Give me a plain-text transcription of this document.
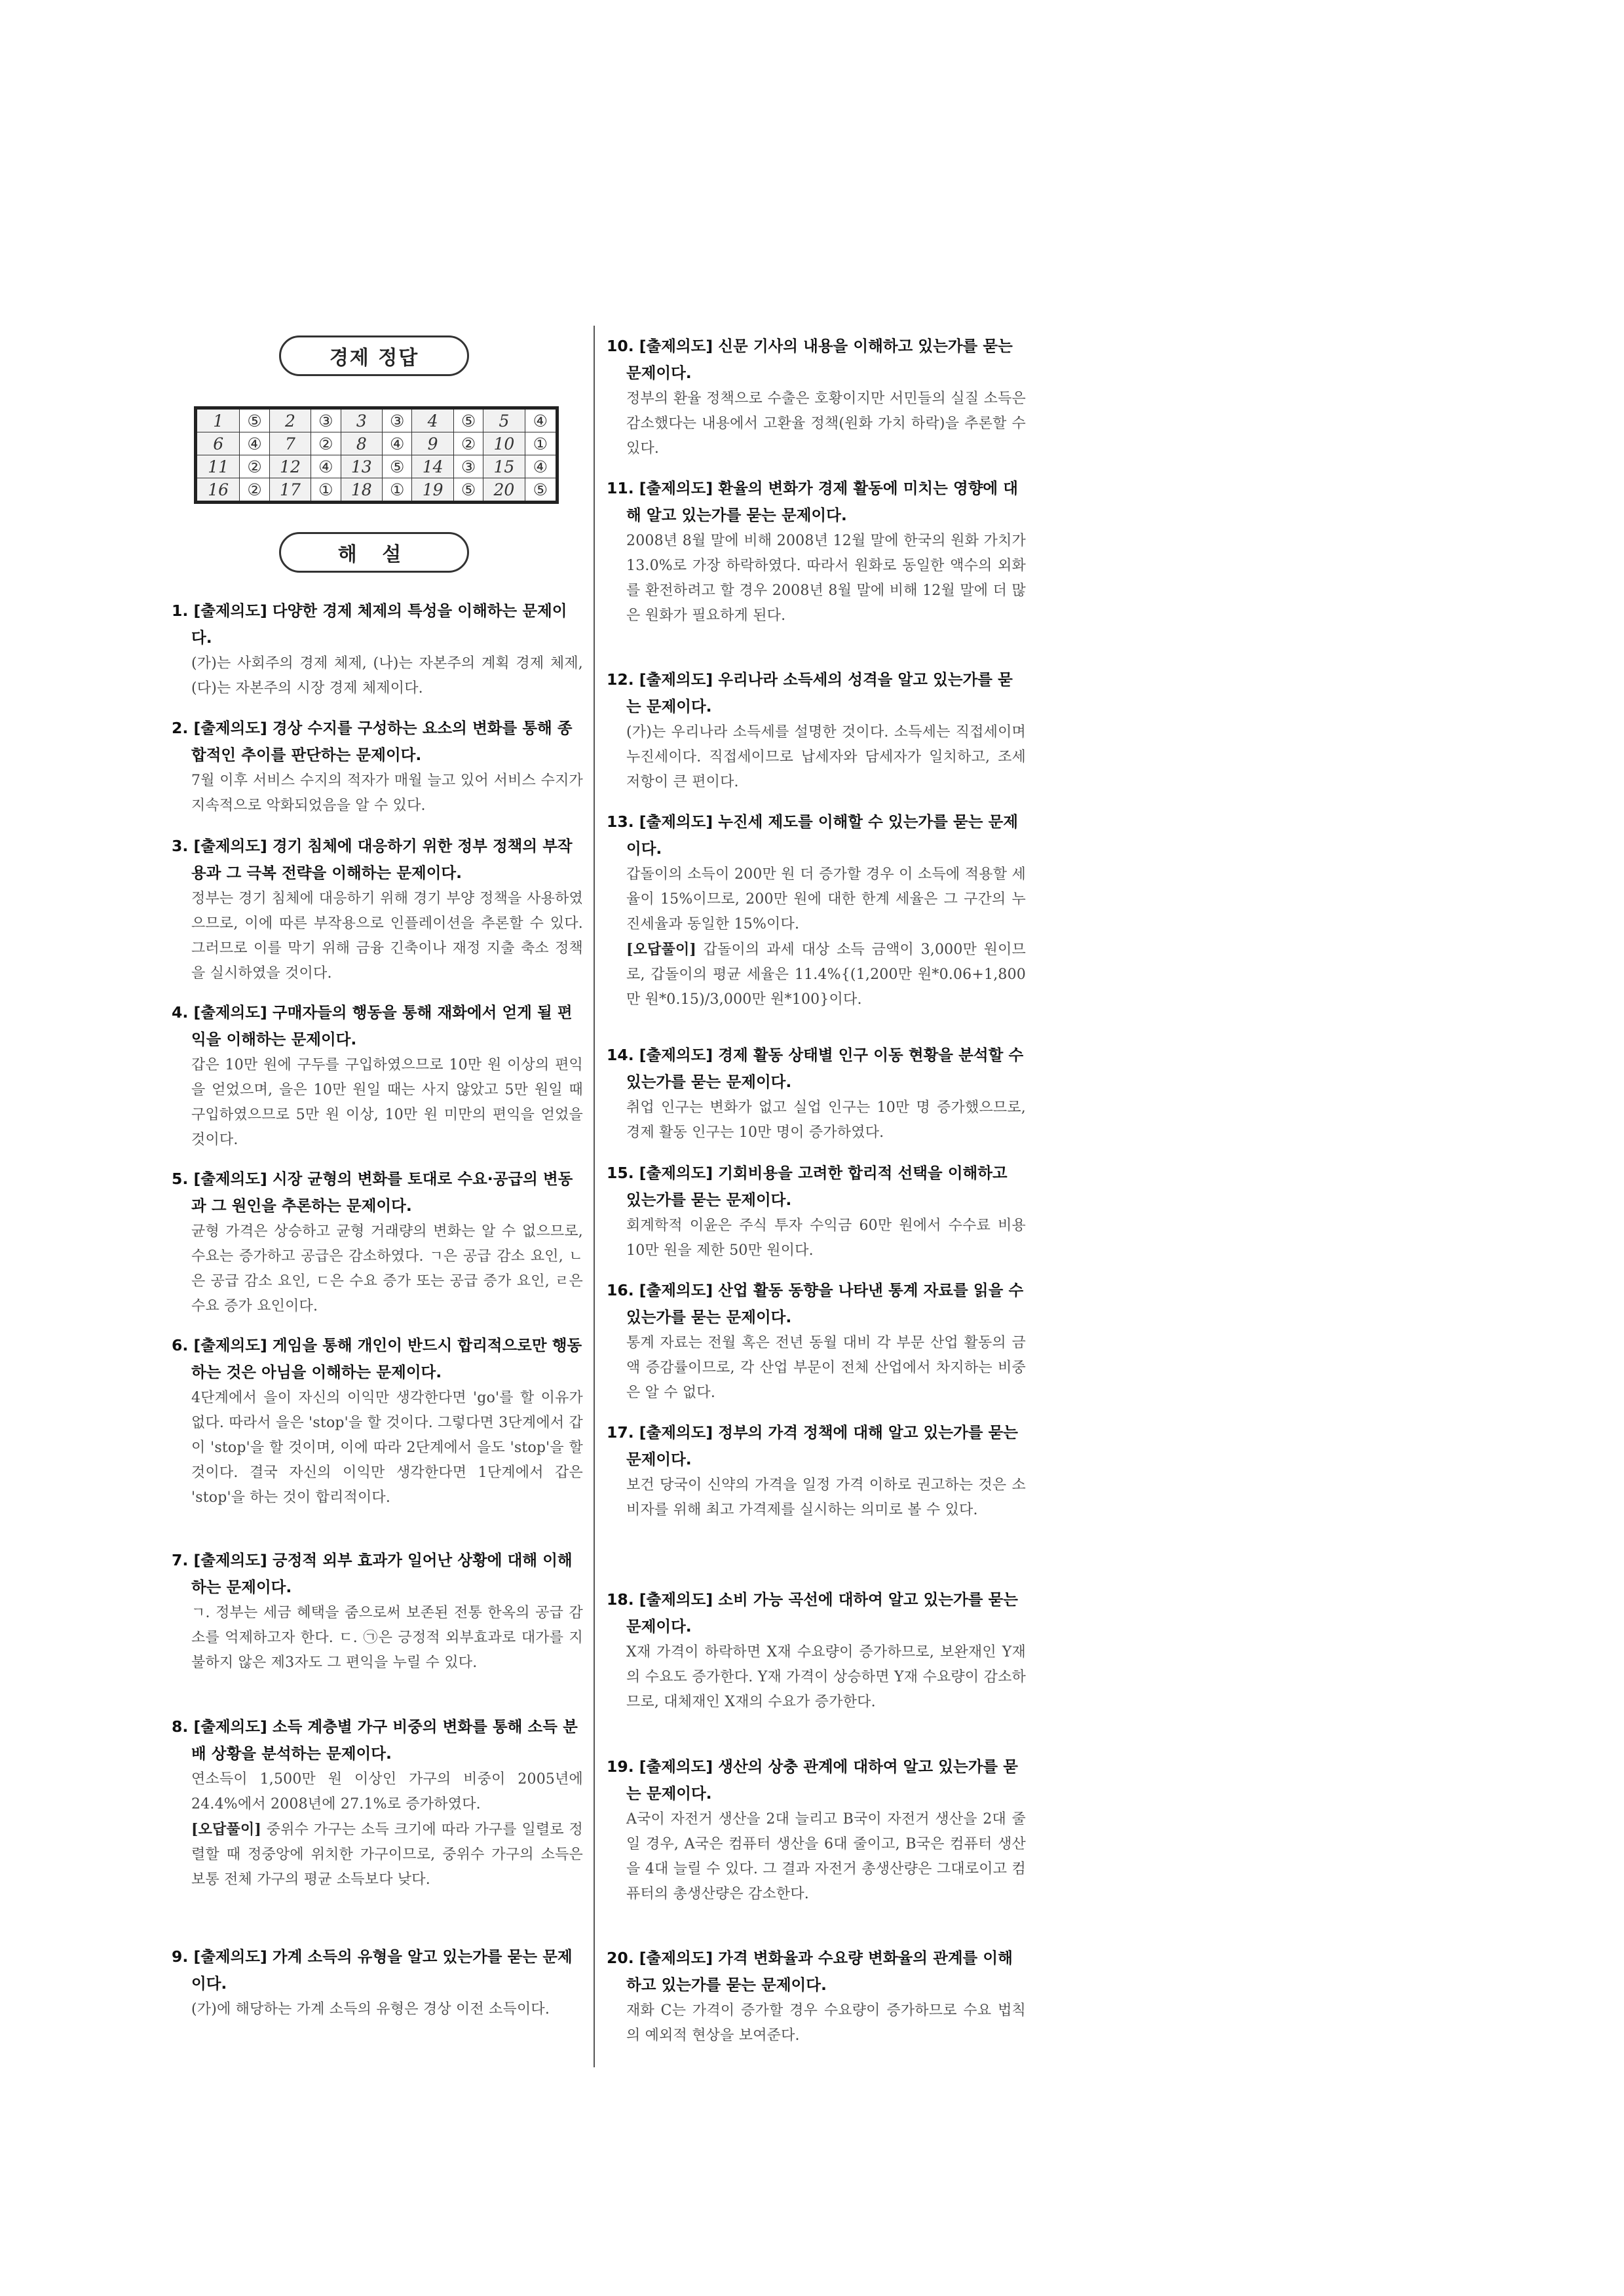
경제 정답
1	⑤	2	③	3	③	4	⑤	5	④
6	④	7	②	8	④	9	②	10	①
11	②	12	④	13	⑤	14	③	15	④
16	②	17	①	18	①	19	⑤	20	⑤
해 설

1. [출제의도] 다양한 경제 체제의 특성을 이해하는 문제이다.

(가)는 사회주의 경제 체제, (나)는 자본주의 계획 경제 체제, (다)는 자본주의 시장 경제 체제이다.

2. [출제의도] 경상 수지를 구성하는 요소의 변화를 통해 종합적인 추이를 판단하는 문제이다.

7월 이후 서비스 수지의 적자가 매월 늘고 있어 서비스 수지가 지속적으로 악화되었음을 알 수 있다.

3. [출제의도] 경기 침체에 대응하기 위한 정부 정책의 부작용과 그 극복 전략을 이해하는 문제이다.

정부는 경기 침체에 대응하기 위해 경기 부양 정책을 사용하였으므로, 이에 따른 부작용으로 인플레이션을 추론할 수 있다. 그러므로 이를 막기 위해 금융 긴축이나 재정 지출 축소 정책을 실시하였을 것이다.

4. [출제의도] 구매자들의 행동을 통해 재화에서 얻게 될 편익을 이해하는 문제이다.

갑은 10만 원에 구두를 구입하였으므로 10만 원 이상의 편익을 얻었으며, 을은 10만 원일 때는 사지 않았고 5만 원일 때 구입하였으므로 5만 원 이상, 10만 원 미만의 편익을 얻었을 것이다.

5. [출제의도] 시장 균형의 변화를 토대로 수요·공급의 변동과 그 원인을 추론하는 문제이다.

균형 가격은 상승하고 균형 거래량의 변화는 알 수 없으므로, 수요는 증가하고 공급은 감소하였다. ㄱ은 공급 감소 요인, ㄴ은 공급 감소 요인, ㄷ은 수요 증가 또는 공급 증가 요인, ㄹ은 수요 증가 요인이다.

6. [출제의도] 게임을 통해 개인이 반드시 합리적으로만 행동하는 것은 아님을 이해하는 문제이다.

4단계에서 을이 자신의 이익만 생각한다면 'go'를 할 이유가 없다. 따라서 을은 'stop'을 할 것이다. 그렇다면 3단계에서 갑이 'stop'을 할 것이며, 이에 따라 2단계에서 을도 'stop'을 할 것이다. 결국 자신의 이익만 생각한다면 1단계에서 갑은 'stop'을 하는 것이 합리적이다.

7. [출제의도] 긍정적 외부 효과가 일어난 상황에 대해 이해하는 문제이다.

ㄱ. 정부는 세금 혜택을 줌으로써 보존된 전통 한옥의 공급 감소를 억제하고자 한다. ㄷ. ㉠은 긍정적 외부효과로 대가를 지불하지 않은 제3자도 그 편익을 누릴 수 있다.

8. [출제의도] 소득 계층별 가구 비중의 변화를 통해 소득 분배 상황을 분석하는 문제이다.

연소득이 1,500만 원 이상인 가구의 비중이 2005년에 24.4%에서 2008년에 27.1%로 증가하였다.
[오답풀이] 중위수 가구는 소득 크기에 따라 가구를 일렬로 정렬할 때 정중앙에 위치한 가구이므로, 중위수 가구의 소득은 보통 전체 가구의 평균 소득보다 낮다.

9. [출제의도] 가계 소득의 유형을 알고 있는가를 묻는 문제이다.

(가)에 해당하는 가계 소득의 유형은 경상 이전 소득이다.

10. [출제의도] 신문 기사의 내용을 이해하고 있는가를 묻는 문제이다.

정부의 환율 정책으로 수출은 호황이지만 서민들의 실질 소득은 감소했다는 내용에서 고환율 정책(원화 가치 하락)을 추론할 수 있다.

11. [출제의도] 환율의 변화가 경제 활동에 미치는 영향에 대해 알고 있는가를 묻는 문제이다.

2008년 8월 말에 비해 2008년 12월 말에 한국의 원화 가치가 13.0%로 가장 하락하였다. 따라서 원화로 동일한 액수의 외화를 환전하려고 할 경우 2008년 8월 말에 비해 12월 말에 더 많은 원화가 필요하게 된다.

12. [출제의도] 우리나라 소득세의 성격을 알고 있는가를 묻는 문제이다.

(가)는 우리나라 소득세를 설명한 것이다. 소득세는 직접세이며 누진세이다. 직접세이므로 납세자와 담세자가 일치하고, 조세 저항이 큰 편이다.

13. [출제의도] 누진세 제도를 이해할 수 있는가를 묻는 문제이다.

갑돌이의 소득이 200만 원 더 증가할 경우 이 소득에 적용할 세율이 15%이므로, 200만 원에 대한 한계 세율은 그 구간의 누진세율과 동일한 15%이다.
[오답풀이] 갑돌이의 과세 대상 소득 금액이 3,000만 원이므로, 갑돌이의 평균 세율은 11.4%{(1,200만 원*0.06+1,800만 원*0.15)/3,000만 원*100}이다.

14. [출제의도] 경제 활동 상태별 인구 이동 현황을 분석할 수 있는가를 묻는 문제이다.

취업 인구는 변화가 없고 실업 인구는 10만 명 증가했으므로, 경제 활동 인구는 10만 명이 증가하였다.

15. [출제의도] 기회비용을 고려한 합리적 선택을 이해하고 있는가를 묻는 문제이다.

회계학적 이윤은 주식 투자 수익금 60만 원에서 수수료 비용 10만 원을 제한 50만 원이다.

16. [출제의도] 산업 활동 동향을 나타낸 통계 자료를 읽을 수 있는가를 묻는 문제이다.

통계 자료는 전월 혹은 전년 동월 대비 각 부문 산업 활동의 금액 증감률이므로, 각 산업 부문이 전체 산업에서 차지하는 비중은 알 수 없다.

17. [출제의도] 정부의 가격 정책에 대해 알고 있는가를 묻는 문제이다.

보건 당국이 신약의 가격을 일정 가격 이하로 권고하는 것은 소비자를 위해 최고 가격제를 실시하는 의미로 볼 수 있다.

18. [출제의도] 소비 가능 곡선에 대하여 알고 있는가를 묻는 문제이다.

X재 가격이 하락하면 X재 수요량이 증가하므로, 보완재인 Y재의 수요도 증가한다. Y재 가격이 상승하면 Y재 수요량이 감소하므로, 대체재인 X재의 수요가 증가한다.

19. [출제의도] 생산의 상충 관계에 대하여 알고 있는가를 묻는 문제이다.

A국이 자전거 생산을 2대 늘리고 B국이 자전거 생산을 2대 줄일 경우, A국은 컴퓨터 생산을 6대 줄이고, B국은 컴퓨터 생산을 4대 늘릴 수 있다. 그 결과 자전거 총생산량은 그대로이고 컴퓨터의 총생산량은 감소한다.

20. [출제의도] 가격 변화율과 수요량 변화율의 관계를 이해하고 있는가를 묻는 문제이다.

재화 C는 가격이 증가할 경우 수요량이 증가하므로 수요 법칙의 예외적 현상을 보여준다.
